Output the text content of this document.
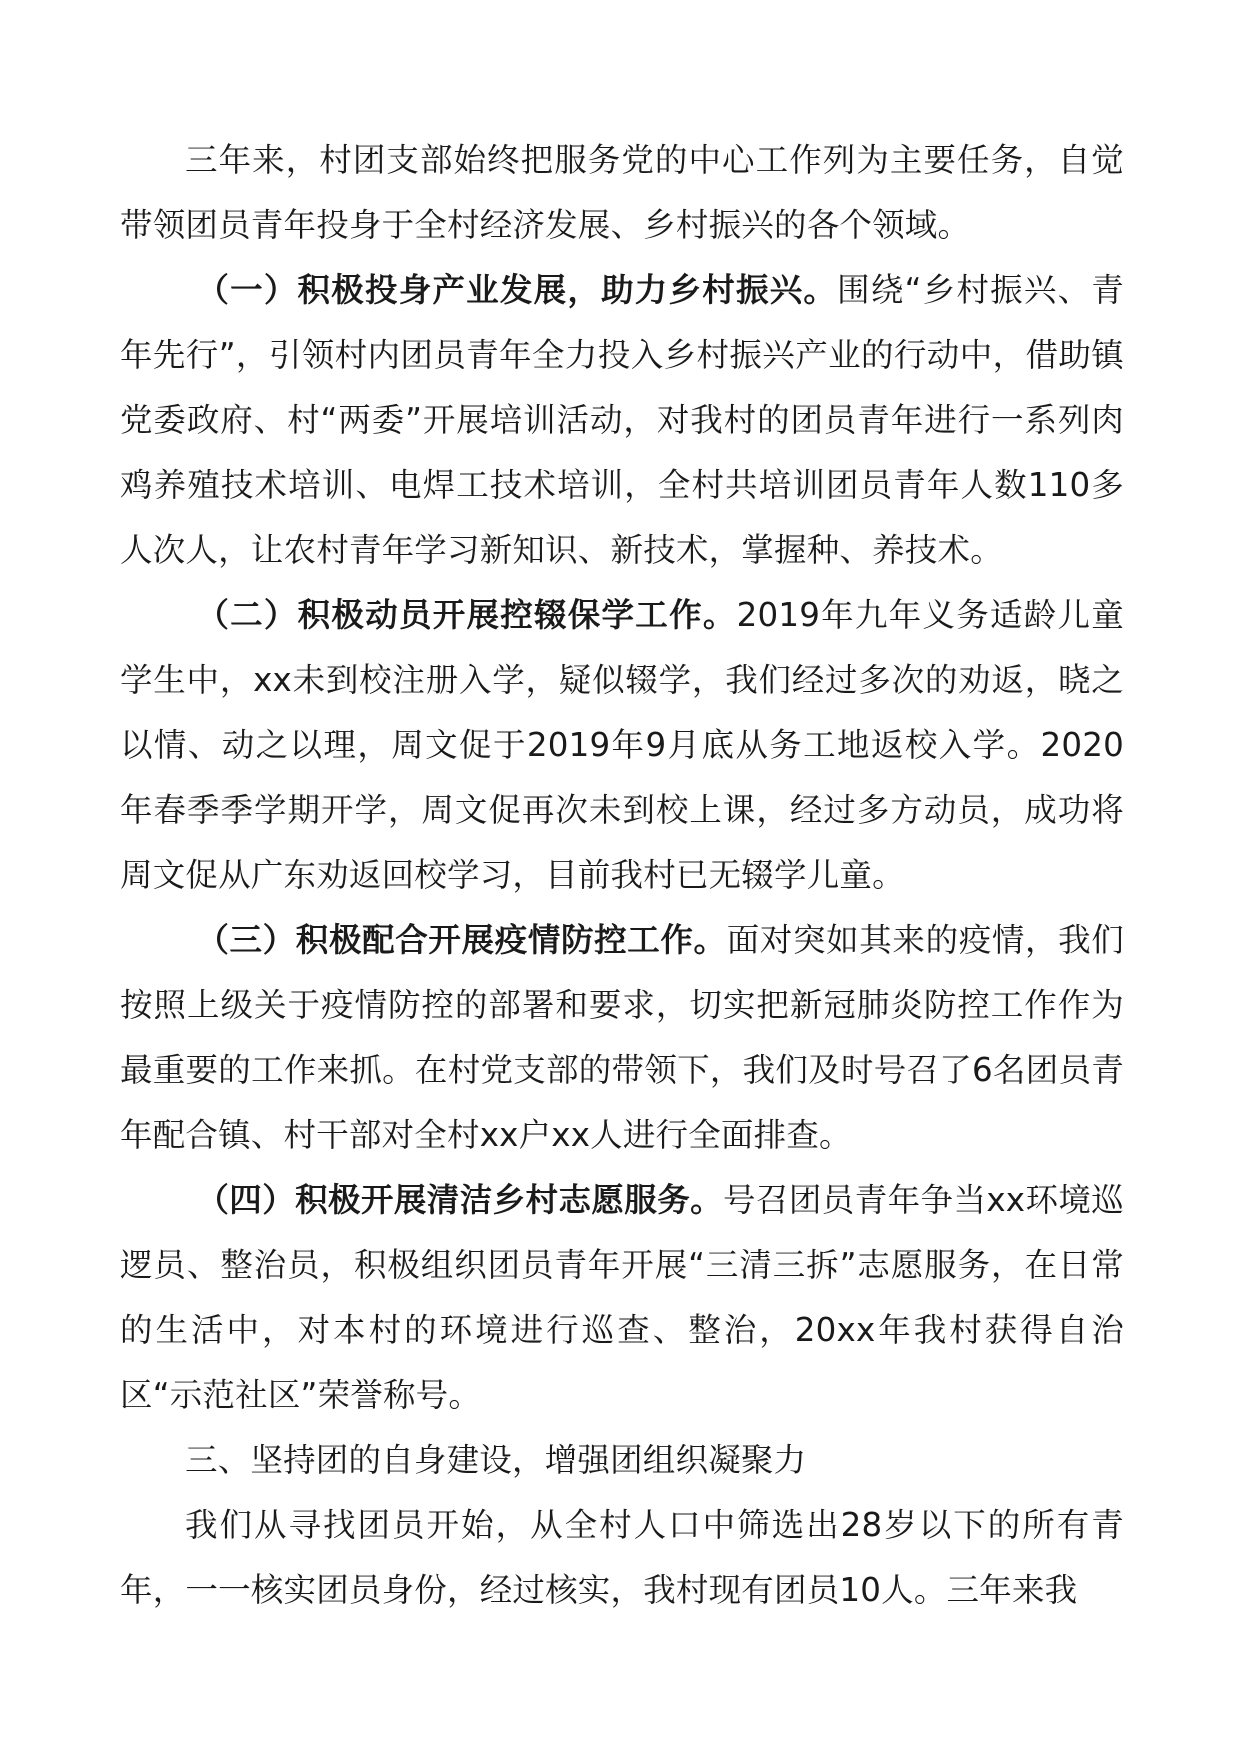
三年来，村团支部始终把服务党的中心工作列为主要任务，自觉带领团员青年投身于全村经济发展、乡村振兴的各个领域。

（一）积极投身产业发展，助力乡村振兴。围绕“乡村振兴、青年先行”，引领村内团员青年全力投入乡村振兴产业的行动中，借助镇党委政府、村“两委”开展培训活动，对我村的团员青年进行一系列肉鸡养殖技术培训、电焊工技术培训，全村共培训团员青年人数110多人次人，让农村青年学习新知识、新技术，掌握种、养技术。

（二）积极动员开展控辍保学工作。2019年九年义务适龄儿童学生中，xx未到校注册入学，疑似辍学，我们经过多次的劝返，晓之以情、动之以理，周文促于2019年9月底从务工地返校入学。2020年春季季学期开学，周文促再次未到校上课，经过多方动员，成功将周文促从广东劝返回校学习，目前我村已无辍学儿童。

（三）积极配合开展疫情防控工作。面对突如其来的疫情，我们按照上级关于疫情防控的部署和要求，切实把新冠肺炎防控工作作为最重要的工作来抓。在村党支部的带领下，我们及时号召了6名团员青年配合镇、村干部对全村xx户xx人进行全面排查。

（四）积极开展清洁乡村志愿服务。号召团员青年争当xx环境巡逻员、整治员，积极组织团员青年开展“三清三拆”志愿服务，在日常的生活中，对本村的环境进行巡查、整治，20xx年我村获得自治区“示范社区”荣誉称号。

三、坚持团的自身建设，增强团组织凝聚力

我们从寻找团员开始，从全村人口中筛选出28岁以下的所有青年，一一核实团员身份，经过核实，我村现有团员10人。三年来我
